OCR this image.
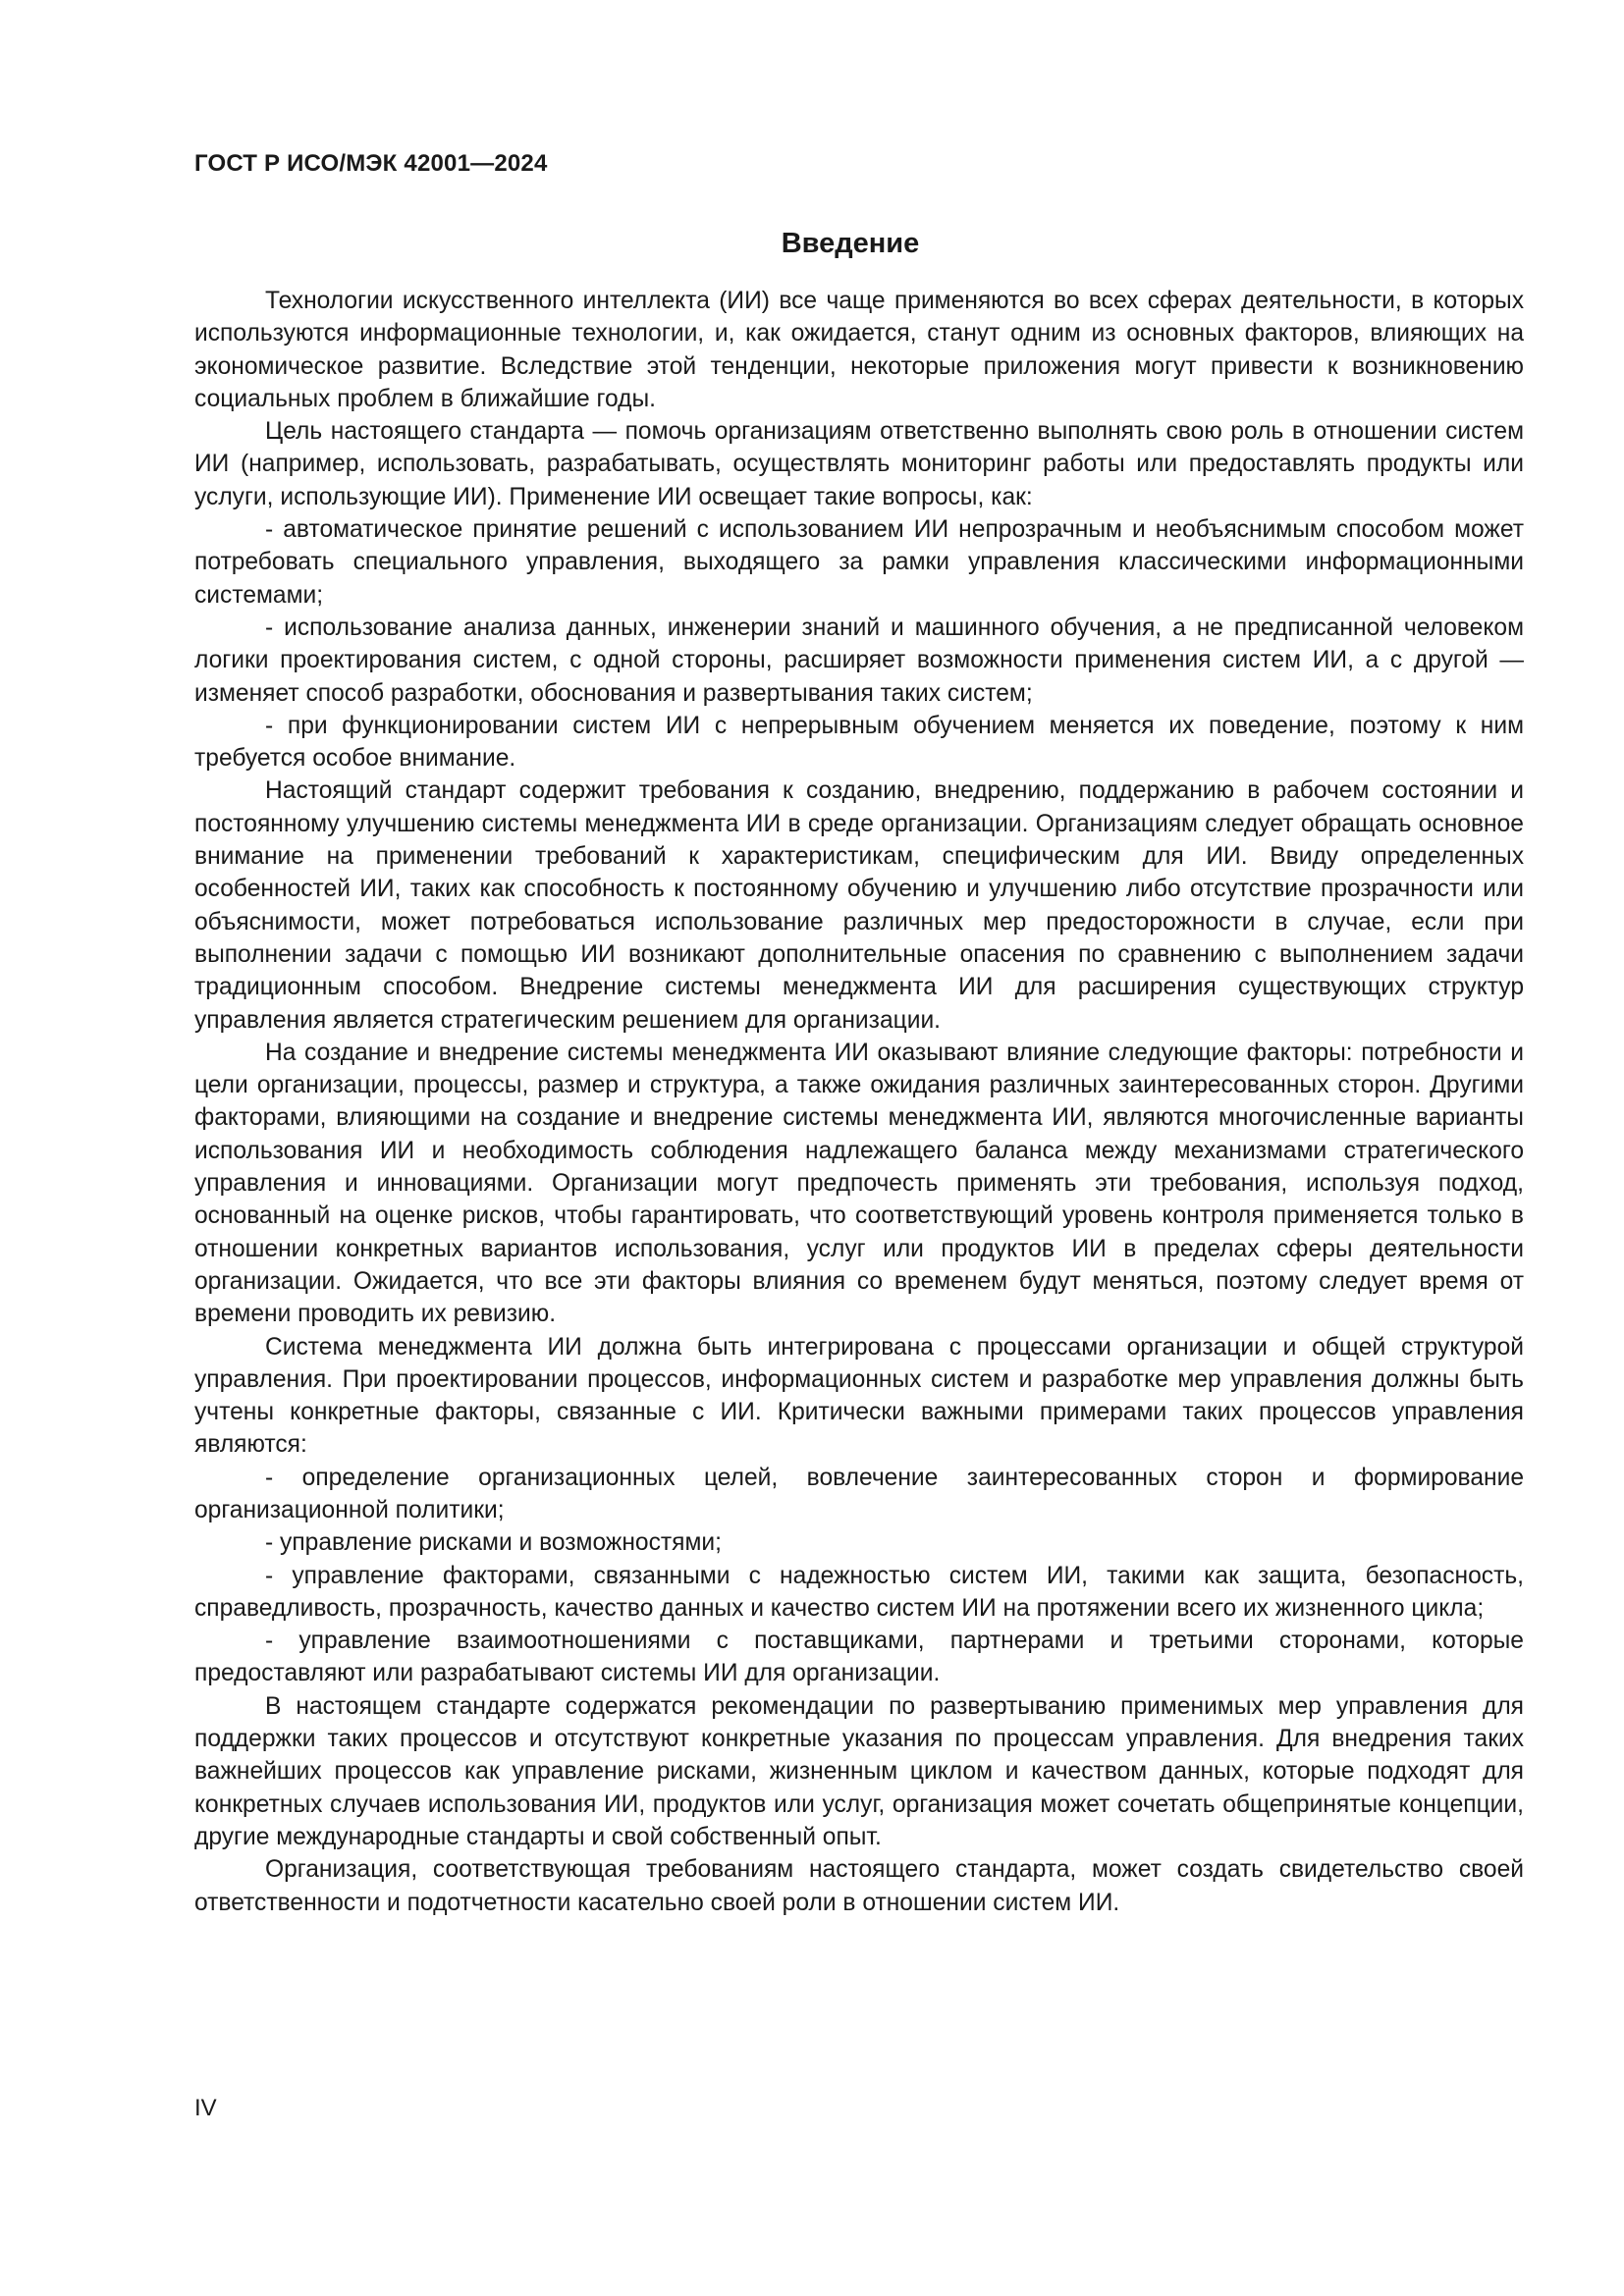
ГОСТ Р ИСО/МЭК 42001—2024
Введение

Технологии искусственного интеллекта (ИИ) все чаще применяются во всех сферах деятельности, в которых используются информационные технологии, и, как ожидается, станут одним из основных факторов, влияющих на экономическое развитие. Вследствие этой тенденции, некоторые приложения могут привести к возникновению социальных проблем в ближайшие годы.

Цель настоящего стандарта — помочь организациям ответственно выполнять свою роль в отношении систем ИИ (например, использовать, разрабатывать, осуществлять мониторинг работы или предоставлять продукты или услуги, использующие ИИ). Применение ИИ освещает такие вопросы, как:

- автоматическое принятие решений с использованием ИИ непрозрачным и необъяснимым способом может потребовать специального управления, выходящего за рамки управления классическими информационными системами;

- использование анализа данных, инженерии знаний и машинного обучения, а не предписанной человеком логики проектирования систем, с одной стороны, расширяет возможности применения систем ИИ, а с другой — изменяет способ разработки, обоснования и развертывания таких систем;

- при функционировании систем ИИ с непрерывным обучением меняется их поведение, поэтому к ним требуется особое внимание.

Настоящий стандарт содержит требования к созданию, внедрению, поддержанию в рабочем состоянии и постоянному улучшению системы менеджмента ИИ в среде организации. Организациям следует обращать основное внимание на применении требований к характеристикам, специфическим для ИИ. Ввиду определенных особенностей ИИ, таких как способность к постоянному обучению и улучшению либо отсутствие прозрачности или объяснимости, может потребоваться использование различных мер предосторожности в случае, если при выполнении задачи с помощью ИИ возникают дополнительные опасения по сравнению с выполнением задачи традиционным способом. Внедрение системы менеджмента ИИ для расширения существующих структур управления является стратегическим решением для организации.

На создание и внедрение системы менеджмента ИИ оказывают влияние следующие факторы: потребности и цели организации, процессы, размер и структура, а также ожидания различных заинтересованных сторон. Другими факторами, влияющими на создание и внедрение системы менеджмента ИИ, являются многочисленные варианты использования ИИ и необходимость соблюдения надлежащего баланса между механизмами стратегического управления и инновациями. Организации могут предпочесть применять эти требования, используя подход, основанный на оценке рисков, чтобы гарантировать, что соответствующий уровень контроля применяется только в отношении конкретных вариантов использования, услуг или продуктов ИИ в пределах сферы деятельности организации. Ожидается, что все эти факторы влияния со временем будут меняться, поэтому следует время от времени проводить их ревизию.

Система менеджмента ИИ должна быть интегрирована с процессами организации и общей структурой управления. При проектировании процессов, информационных систем и разработке мер управления должны быть учтены конкретные факторы, связанные с ИИ. Критически важными примерами таких процессов управления являются:

- определение организационных целей, вовлечение заинтересованных сторон и формирование организационной политики;

- управление рисками и возможностями;

- управление факторами, связанными с надежностью систем ИИ, такими как защита, безопасность, справедливость, прозрачность, качество данных и качество систем ИИ на протяжении всего их жизненного цикла;

- управление взаимоотношениями с поставщиками, партнерами и третьими сторонами, которые предоставляют или разрабатывают системы ИИ для организации.

В настоящем стандарте содержатся рекомендации по развертыванию применимых мер управления для поддержки таких процессов и отсутствуют конкретные указания по процессам управления. Для внедрения таких важнейших процессов как управление рисками, жизненным циклом и качеством данных, которые подходят для конкретных случаев использования ИИ, продуктов или услуг, организация может сочетать общепринятые концепции, другие международные стандарты и свой собственный опыт.

Организация, соответствующая требованиям настоящего стандарта, может создать свидетельство своей ответственности и подотчетности касательно своей роли в отношении систем ИИ.

IV
